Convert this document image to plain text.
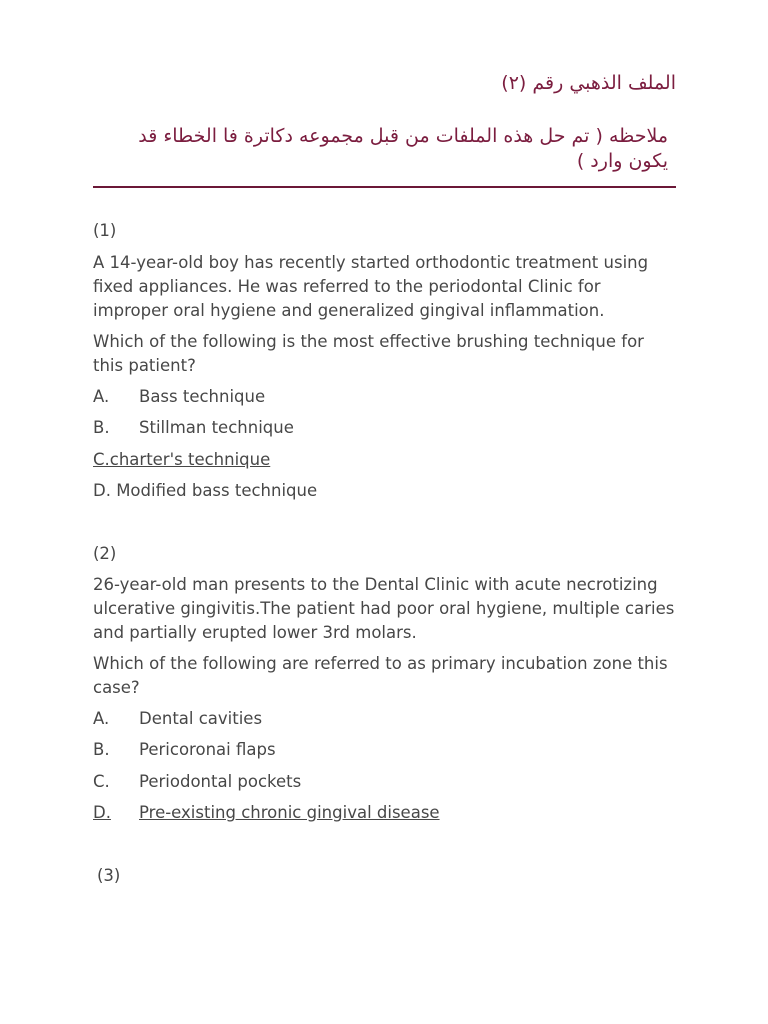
الملف الذهبي رقم (٢)
ملاحظه ( تم حل هذه الملفات من قبل مجموعه دكاترة فا الخطاء قد يكون وارد )
(1)
A 14-year-old boy has recently started orthodontic treatment using fixed appliances. He was referred to the periodontal Clinic for improper oral hygiene and generalized gingival inflammation.
Which of the following is the most effective brushing technique for this patient?
A. Bass technique
B. Stillman technique
C.charter's technique
D. Modified bass technique
(2)
26-year-old man presents to the Dental Clinic with acute necrotizing ulcerative gingivitis.The patient had poor oral hygiene, multiple caries and partially erupted lower 3rd molars.
Which of the following are referred to as primary incubation zone this case?
A. Dental cavities
B. Pericoronai flaps
C. Periodontal pockets
D. Pre-existing chronic gingival disease
(3)
